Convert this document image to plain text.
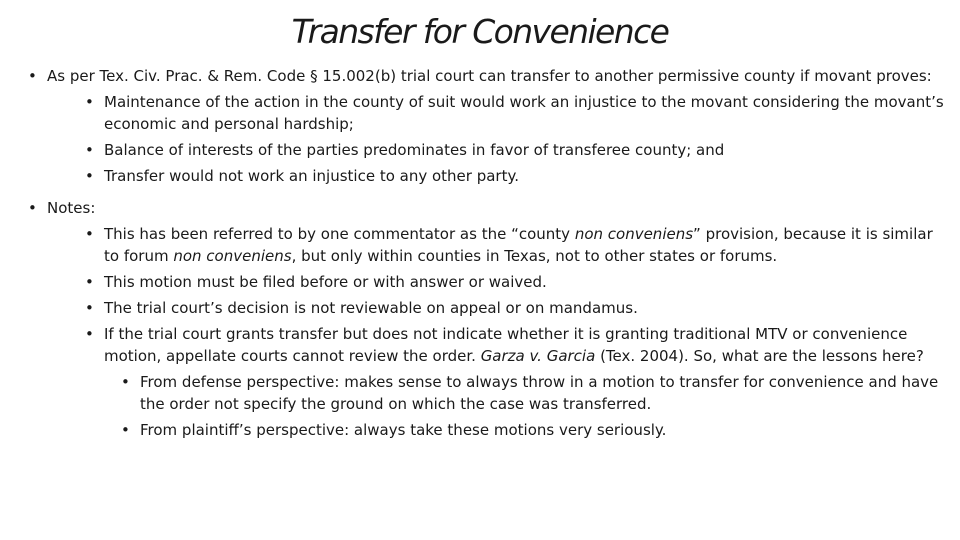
Transfer for Convenience
• As per Tex. Civ. Prac. & Rem. Code § 15.002(b) trial court can transfer to another permissive county if movant proves:
• Maintenance of the action in the county of suit would work an injustice to the movant considering the movant’s economic and personal hardship;
• Balance of interests of the parties predominates in favor of transferee county; and
• Transfer would not work an injustice to any other party.
• Notes:
• This has been referred to by one commentator as the “county non conveniens” provision, because it is similar to forum non conveniens, but only within counties in Texas, not to other states or forums.
• This motion must be filed before or with answer or waived.
• The trial court’s decision is not reviewable on appeal or on mandamus.
• If the trial court grants transfer but does not indicate whether it is granting traditional MTV or convenience motion, appellate courts cannot review the order. Garza v. Garcia (Tex. 2004). So, what are the lessons here?
• From defense perspective: makes sense to always throw in a motion to transfer for convenience and have the order not specify the ground on which the case was transferred.
• From plaintiff’s perspective: always take these motions very seriously.
